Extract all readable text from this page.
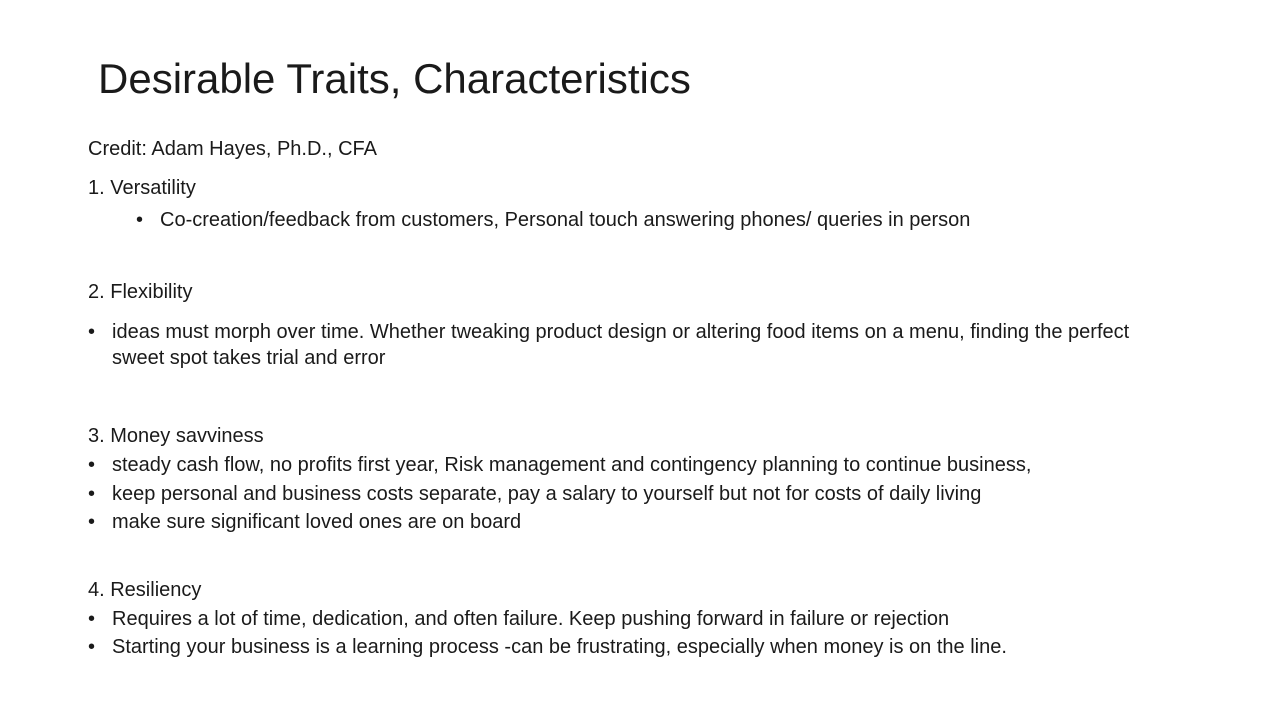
Desirable Traits, Characteristics
Credit: Adam Hayes, Ph.D., CFA
1. Versatility
• Co-creation/feedback from customers, Personal touch answering phones/ queries in person
2. Flexibility
• ideas must morph over time. Whether tweaking product design or altering food items on a menu, finding the perfect sweet spot takes trial and error
3. Money savviness
• steady cash flow, no profits first year, Risk management and contingency planning to continue business,
• keep personal and business costs separate, pay a salary to yourself but not for costs of daily living
• make sure significant loved ones are on board
4. Resiliency
• Requires a lot of time, dedication, and often failure. Keep pushing forward in failure or rejection
• Starting your business is a learning process -can be frustrating, especially when money is on the line.
